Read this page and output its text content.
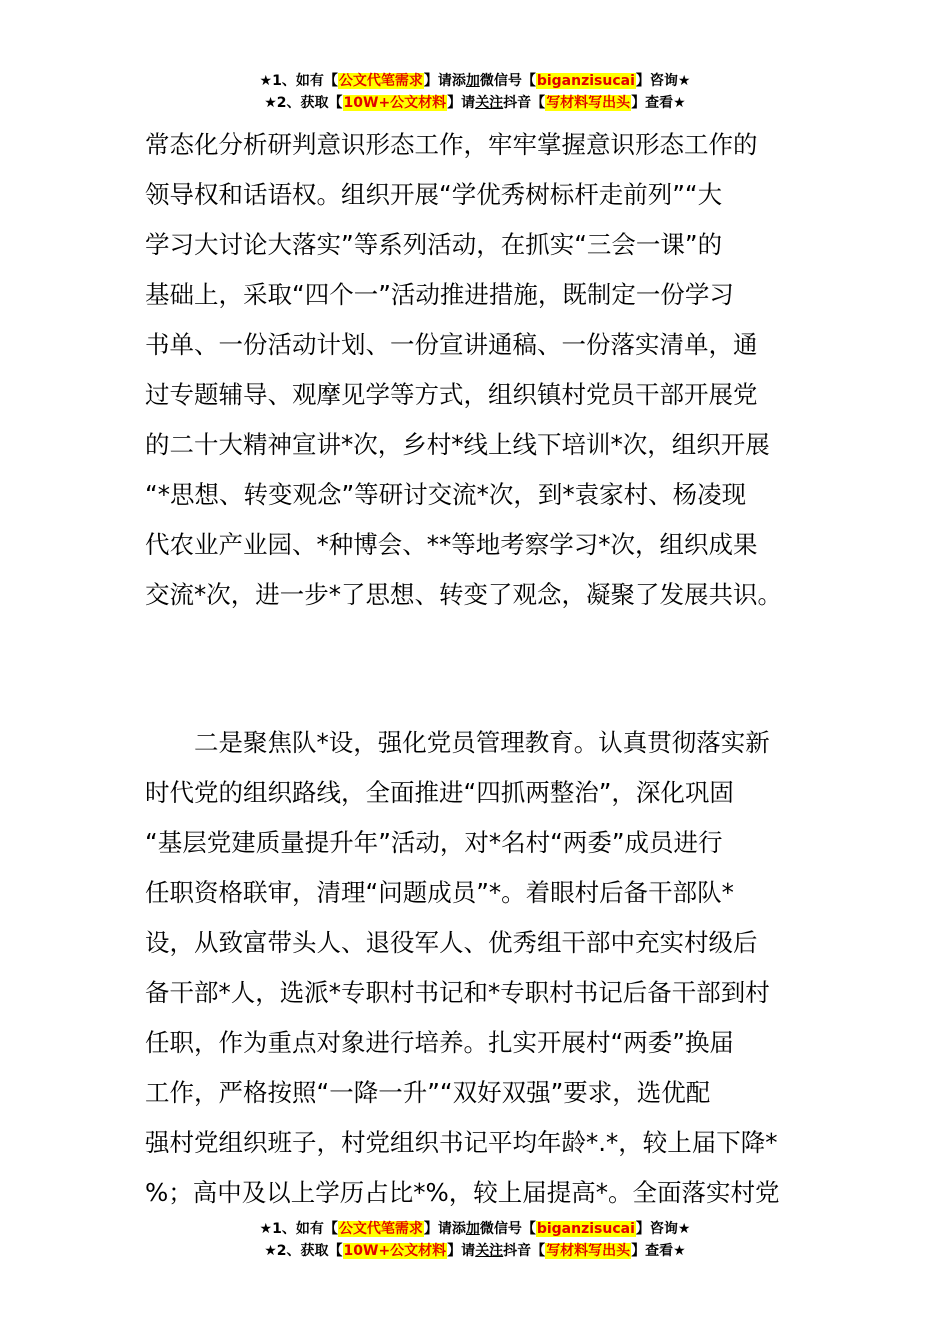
★1、如有【公文代笔需求】请添加微信号【biganzisucai】咨询★
★2、获取【10W+公文材料】请关注抖音【写材料写出头】查看★
常态化分析研判意识形态工作，牢牢掌握意识形态工作的
领导权和话语权。组织开展“学优秀树标杆走前列”“大
学习大讨论大落实”等系列活动，在抓实“三会一课”的
基础上，采取“四个一”活动推进措施，既制定一份学习
书单、一份活动计划、一份宣讲通稿、一份落实清单，通
过专题辅导、观摩见学等方式，组织镇村党员干部开展党
的二十大精神宣讲*次，乡村*线上线下培训*次，组织开展
“*思想、转变观念”等研讨交流*次，到*袁家村、杨凌现
代农业产业园、*种博会、**等地考察学习*次，组织成果
交流*次，进一步*了思想、转变了观念，凝聚了发展共识。
　　二是聚焦队*设，强化党员管理教育。认真贯彻落实新
时代党的组织路线，全面推进“四抓两整治”，深化巩固
“基层党建质量提升年”活动，对*名村“两委”成员进行
任职资格联审，清理“问题成员”*。着眼村后备干部队*
设，从致富带头人、退役军人、优秀组干部中充实村级后
备干部*人，选派*专职村书记和*专职村书记后备干部到村
任职，作为重点对象进行培养。扎实开展村“两委”换届
工作，严格按照“一降一升”“双好双强”要求，选优配
强村党组织班子，村党组织书记平均年龄*.*，较上届下降*
%；高中及以上学历占比*%，较上届提高*。全面落实村党
★1、如有【公文代笔需求】请添加微信号【biganzisucai】咨询★
★2、获取【10W+公文材料】请关注抖音【写材料写出头】查看★
